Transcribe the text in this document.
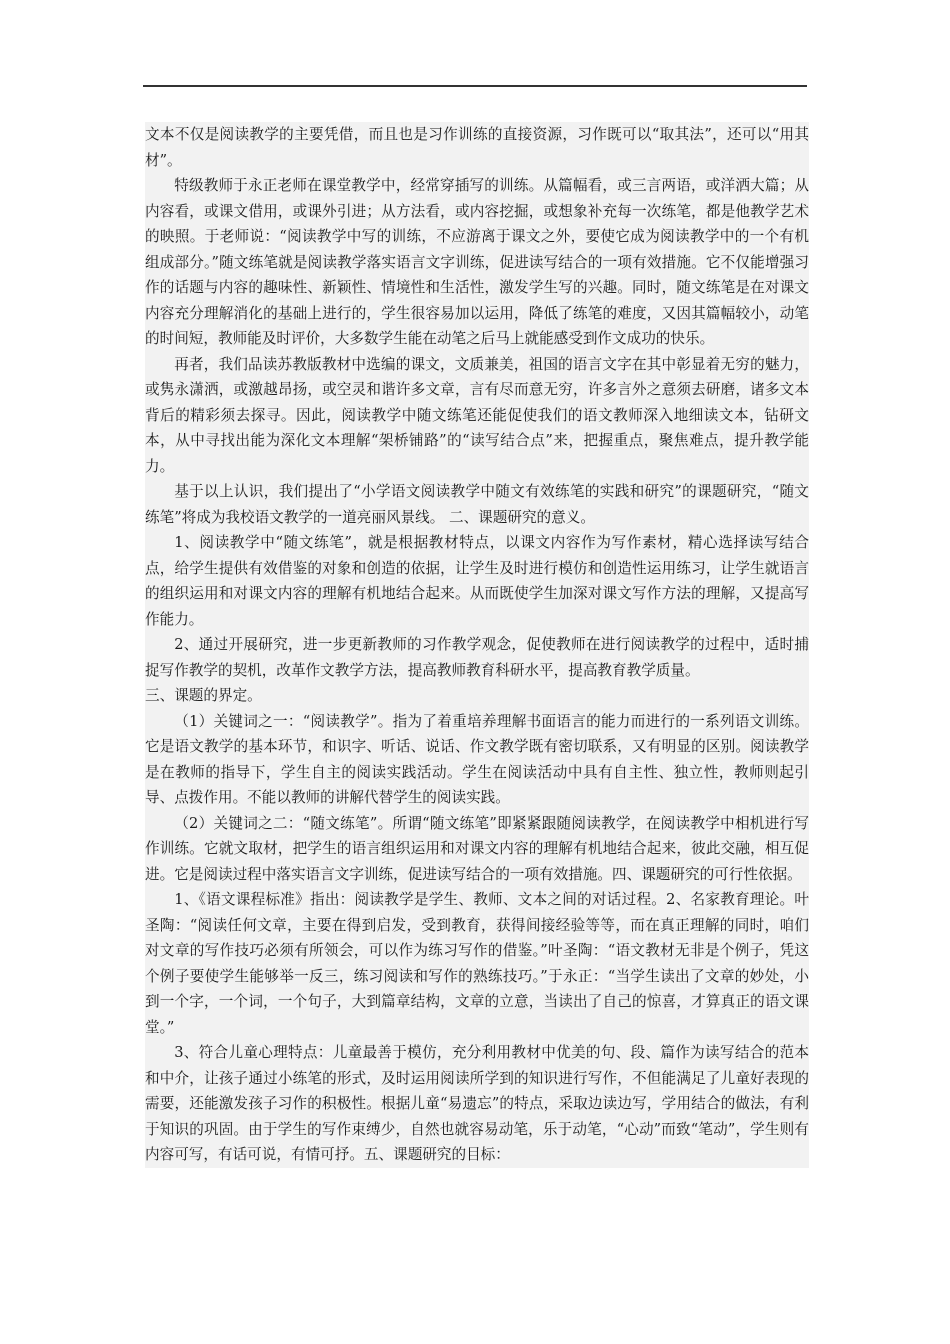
文本不仅是阅读教学的主要凭借，而且也是习作训练的直接资源，习作既可以“取其法”，还可以“用其材”。

特级教师于永正老师在课堂教学中，经常穿插写的训练。从篇幅看，或三言两语，或洋洒大篇；从内容看，或课文借用，或课外引进；从方法看，或内容挖掘，或想象补充每一次练笔，都是他教学艺术的映照。于老师说：“阅读教学中写的训练，不应游离于课文之外，要使它成为阅读教学中的一个有机组成部分。”随文练笔就是阅读教学落实语言文字训练，促进读写结合的一项有效措施。它不仅能增强习作的话题与内容的趣味性、新颖性、情境性和生活性，激发学生写的兴趣。同时，随文练笔是在对课文内容充分理解消化的基础上进行的，学生很容易加以运用，降低了练笔的难度，又因其篇幅较小，动笔的时间短，教师能及时评价，大多数学生能在动笔之后马上就能感受到作文成功的快乐。

再者，我们品读苏教版教材中选编的课文，文质兼美，祖国的语言文字在其中彰显着无穷的魅力，或隽永潇洒，或激越昂扬，或空灵和谐许多文章，言有尽而意无穷，许多言外之意须去研磨，诸多文本背后的精彩须去探寻。因此，阅读教学中随文练笔还能促使我们的语文教师深入地细读文本，钻研文本，从中寻找出能为深化文本理解“架桥铺路”的“读写结合点”来，把握重点，聚焦难点，提升教学能力。

基于以上认识，我们提出了“小学语文阅读教学中随文有效练笔的实践和研究”的课题研究，“随文练笔”将成为我校语文教学的一道亮丽风景线。 二、课题研究的意义。

1、阅读教学中“随文练笔”，就是根据教材特点，以课文内容作为写作素材，精心选择读写结合点，给学生提供有效借鉴的对象和创造的依据，让学生及时进行模仿和创造性运用练习，让学生就语言的组织运用和对课文内容的理解有机地结合起来。从而既使学生加深对课文写作方法的理解，又提高写作能力。

2、通过开展研究，进一步更新教师的习作教学观念，促使教师在进行阅读教学的过程中，适时捕捉写作教学的契机，改革作文教学方法，提高教师教育科研水平，提高教育教学质量。

三、课题的界定。

（1）关键词之一：“阅读教学”。指为了着重培养理解书面语言的能力而进行的一系列语文训练。它是语文教学的基本环节，和识字、听话、说话、作文教学既有密切联系，又有明显的区别。阅读教学是在教师的指导下，学生自主的阅读实践活动。学生在阅读活动中具有自主性、独立性，教师则起引导、点拨作用。不能以教师的讲解代替学生的阅读实践。

（2）关键词之二：“随文练笔”。所谓“随文练笔”即紧紧跟随阅读教学，在阅读教学中相机进行写作训练。它就文取材，把学生的语言组织运用和对课文内容的理解有机地结合起来，彼此交融，相互促进。它是阅读过程中落实语言文字训练，促进读写结合的一项有效措施。四、课题研究的可行性依据。

1、《语文课程标准》指出：阅读教学是学生、教师、文本之间的对话过程。2、名家教育理论。叶圣陶：“阅读任何文章，主要在得到启发，受到教育，获得间接经验等等，而在真正理解的同时，咱们对文章的写作技巧必须有所领会，可以作为练习写作的借鉴。”叶圣陶：“语文教材无非是个例子，凭这个例子要使学生能够举一反三，练习阅读和写作的熟练技巧。”于永正：“当学生读出了文章的妙处，小到一个字，一个词，一个句子，大到篇章结构，文章的立意，当读出了自己的惊喜，才算真正的语文课堂。”

3、符合儿童心理特点：儿童最善于模仿，充分利用教材中优美的句、段、篇作为读写结合的范本和中介，让孩子通过小练笔的形式，及时运用阅读所学到的知识进行写作，不但能满足了儿童好表现的需要，还能激发孩子习作的积极性。根据儿童“易遗忘”的特点，采取边读边写，学用结合的做法，有利于知识的巩固。由于学生的写作束缚少，自然也就容易动笔，乐于动笔，“心动”而致“笔动”，学生则有内容可写，有话可说，有情可抒。五、课题研究的目标：
